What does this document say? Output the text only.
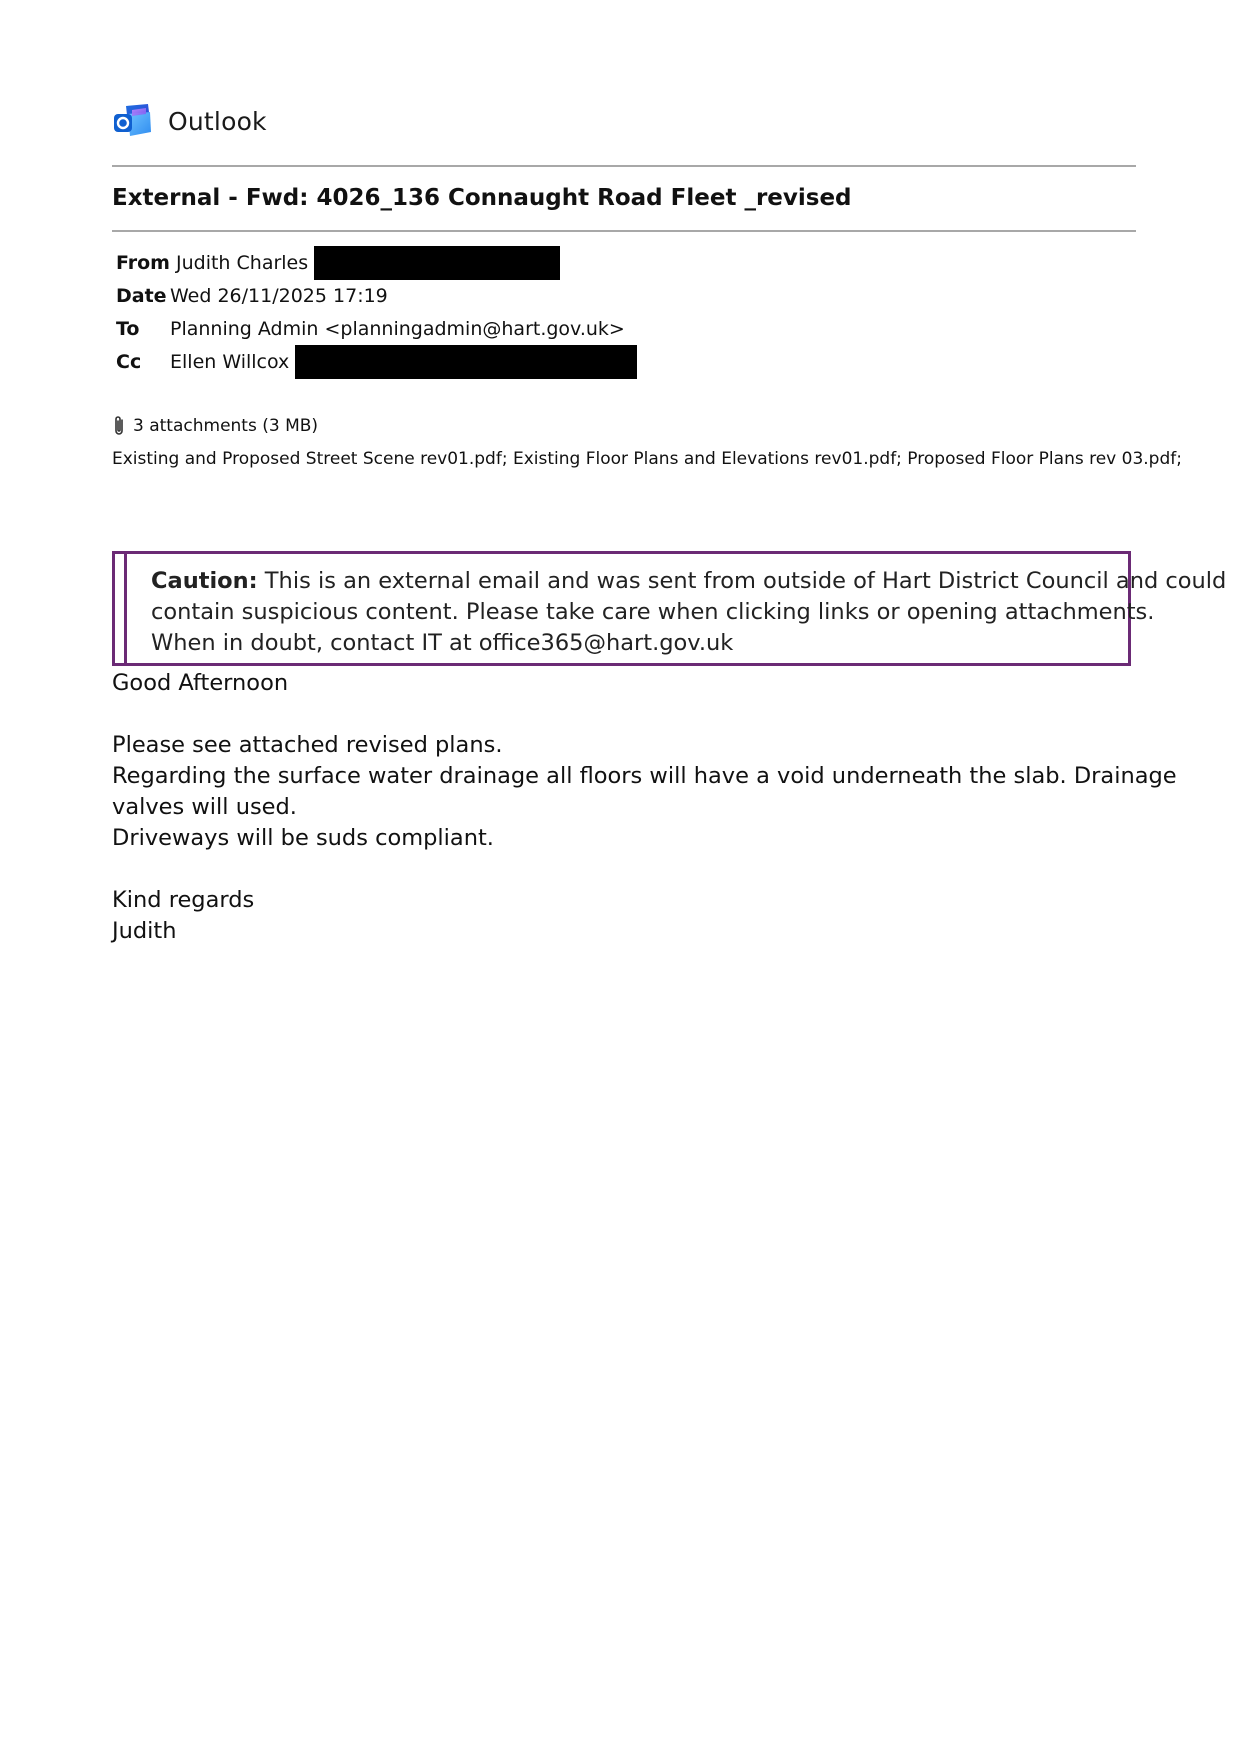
Outlook
External - Fwd: 4026_136 Connaught Road Fleet _revised
From Judith Charles
Date Wed 26/11/2025 17:19
To	Planning Admin <planningadmin@hart.gov.uk>
Cc	Ellen Willcox
3 attachments (3 MB)
Existing and Proposed Street Scene rev01.pdf; Existing Floor Plans and Elevations rev01.pdf; Proposed Floor Plans rev 03.pdf;

Caution: This is an external email and was sent from outside of Hart District Council and could

contain suspicious content. Please take care when clicking links or opening attachments.

When in doubt, contact IT at office365@hart.gov.uk

Good Afternoon

Please see attached revised plans.

Regarding the surface water drainage all floors will have a void underneath the slab. Drainage

valves will used.

Driveways will be suds compliant.

Kind regards

Judith
